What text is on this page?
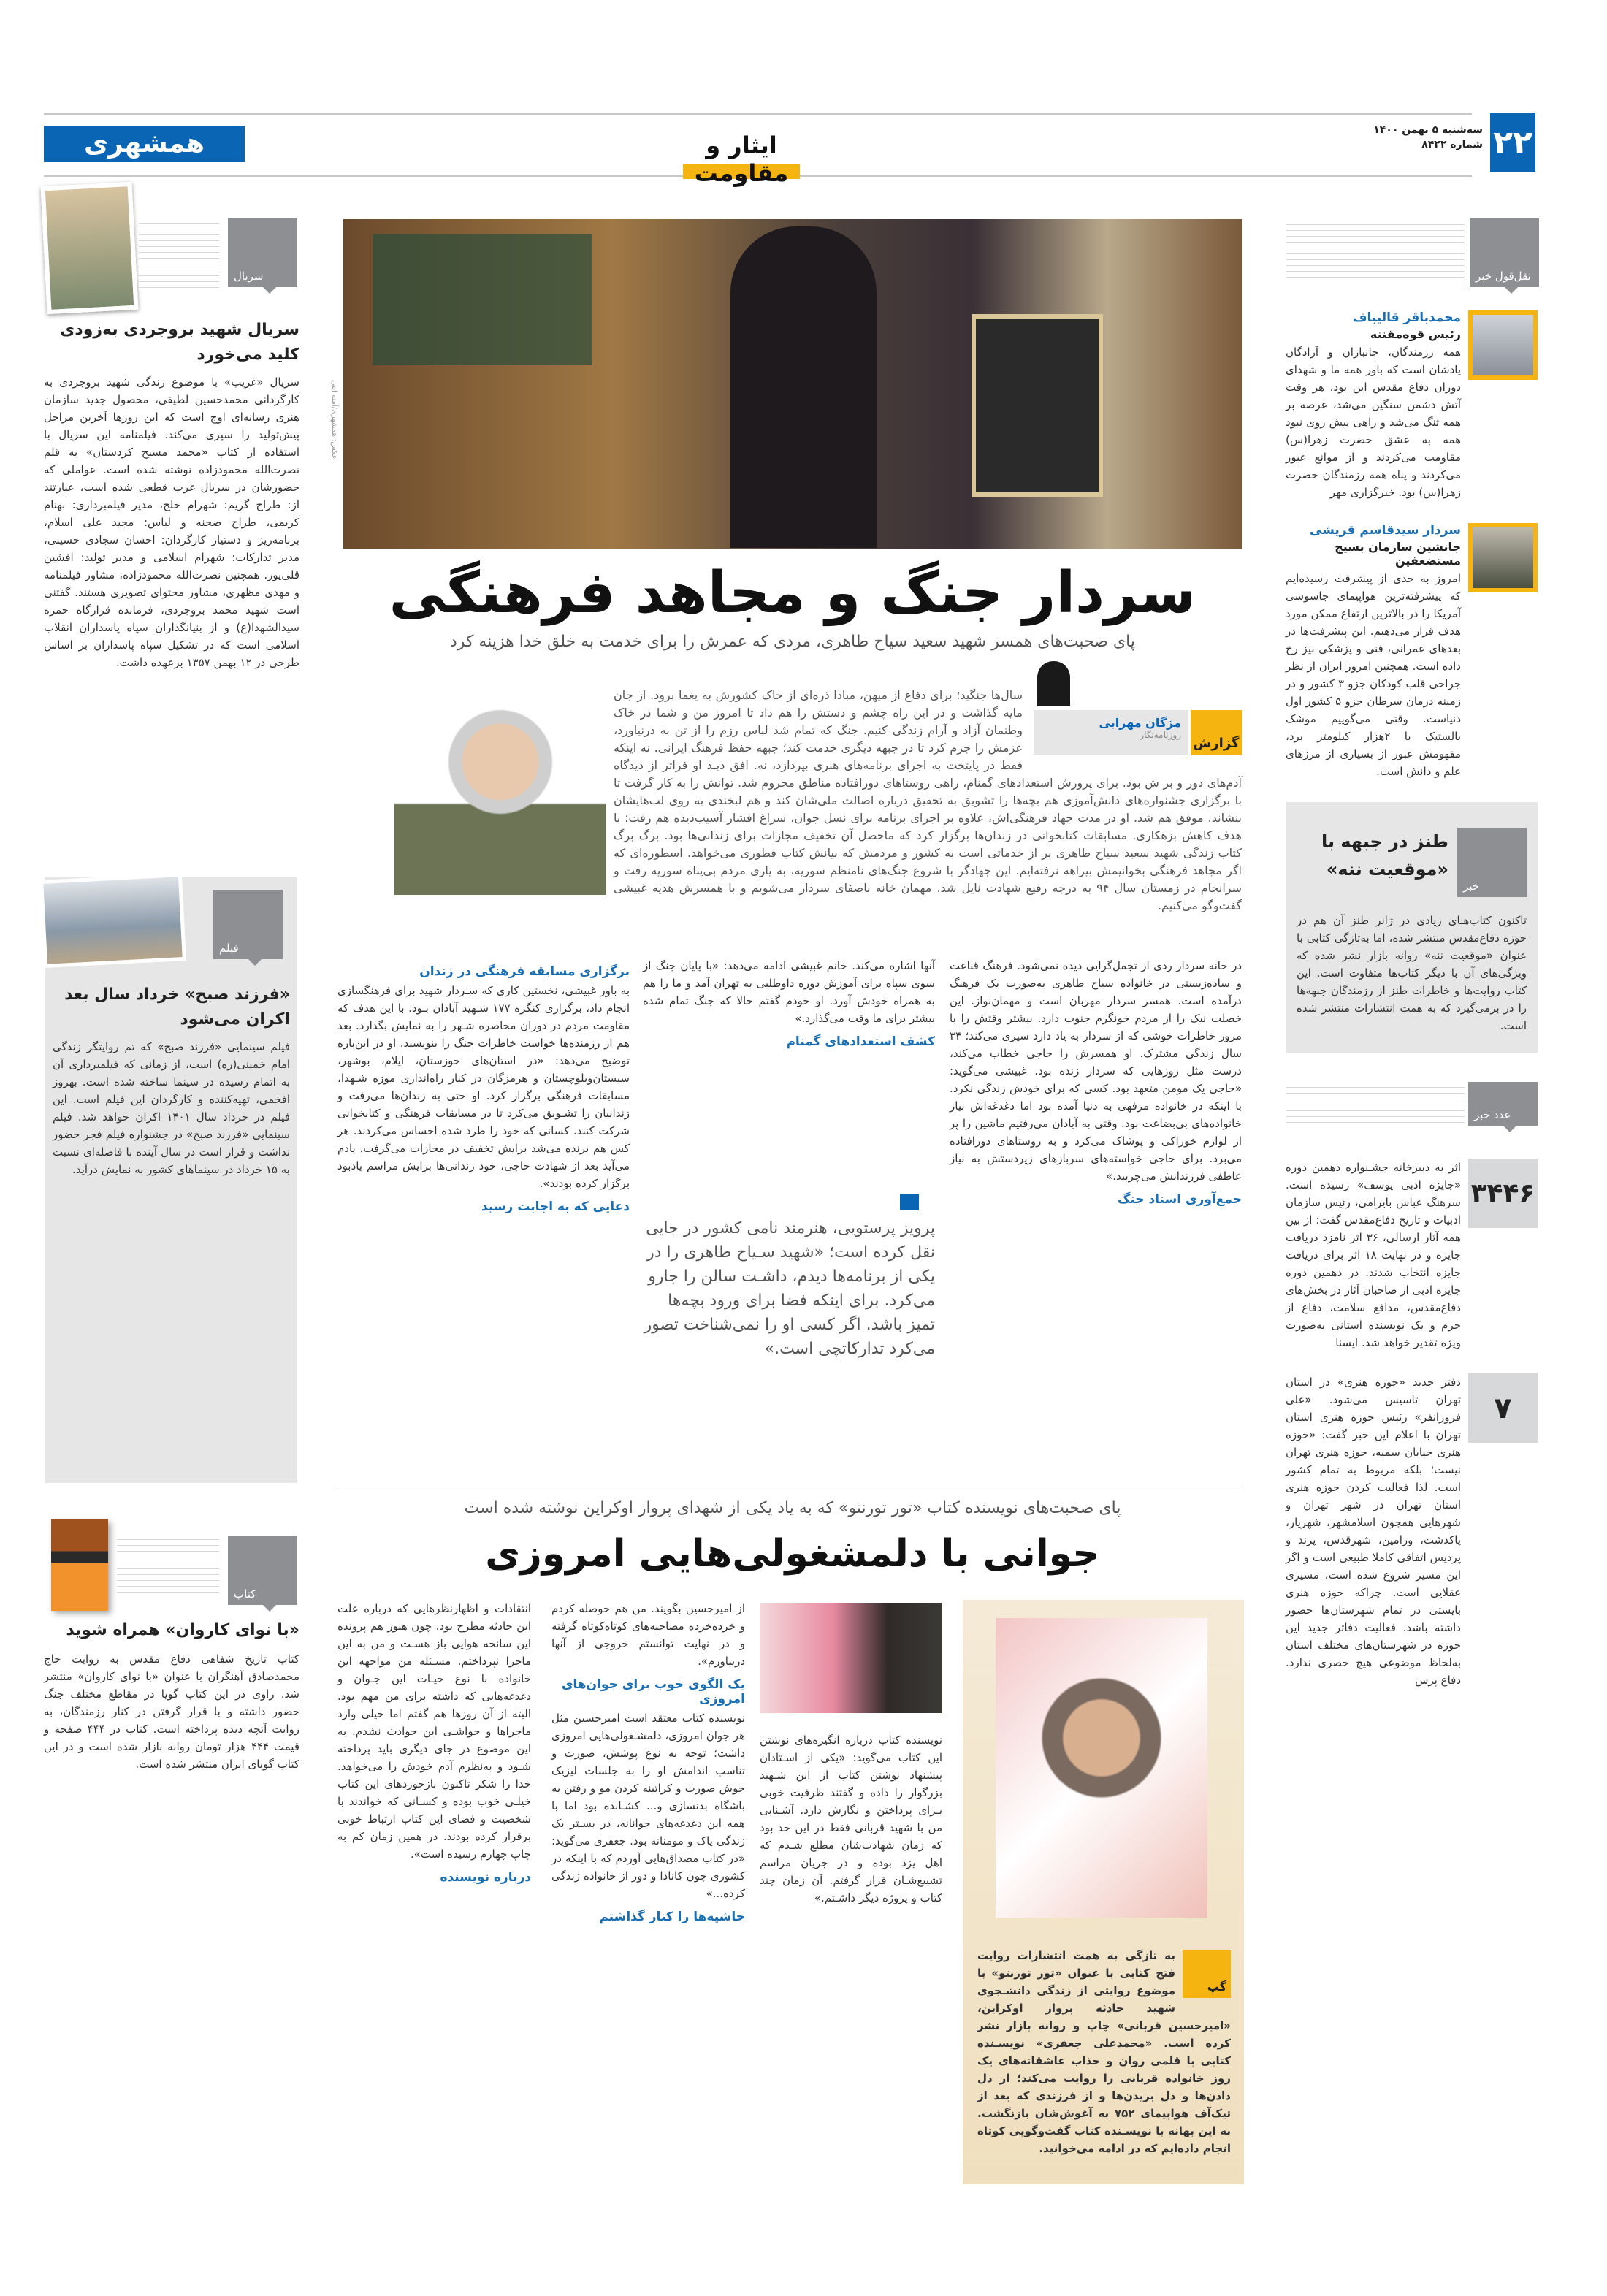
۲۲
سه‌شنبه ۵ بهمن ۱۴۰۰
شماره ۸۴۲۲
ایثار و مقاومت
همشهری
نقل‌قول خبر
محمدباقر قالیباف
رئیس قوه‌مقننه
همه رزمندگان، جانبازان و آزادگان یادشان است که باور همه ما و شهدای دوران دفاع مقدس این بود، هر وقت آتش دشمن سنگین می‌شد، عرصه بر همه تنگ می‌شد و راهی پیش روی نبود همه به عشق حضرت زهرا(س) مقاومت می‌کردند و از موانع عبور می‌کردند و پناه همه رزمندگان حضرت زهرا(س) بود. خبرگزاری مهر
سردار سیدقاسم قریشی
جانشین سازمان بسیج مستضعفین
امروز به حدی از پیشرفت رسیده‌ایم که پیشرفته‌ترین هواپیمای جاسوسی آمریکا را در بالاترین ارتفاع ممکن مورد هدف قرار می‌دهیم. این پیشرفت‌ها در بعدهای عمرانی، فنی و پزشکی نیز رخ داده است. همچنین امروز ایران از نظر جراحی قلب کودکان جزو ۳ کشور و در زمینه درمان سرطان جزو ۵ کشور اول دنیاست. وقتی می‌گوییم موشک بالستیک با ۲هزار کیلومتر برد، مفهومش عبور از بسیاری از مرزهای علم و دانش است.
خبر
طنز در جبهه با «موقعیت ننه»
تاکنون کتاب‌هـای زیادی در ژانر طنز آن هم در حوزه دفاع‌مقدس منتشر شده، اما به‌تازگی کتابی با عنوان «موقعیت ننه» روانه بازار نشر شده که ویژگی‌های آن با دیگر کتاب‌ها متفاوت است. این کتاب روایت‌ها و خاطرات طنز از رزمندگان جبهه‌ها را در برمی‌گیرد که به همت انتشارات منتشر شده است.
عدد خبر
۳۴۴۶
اثر به دبیرخانه جشـنواره دهمین دوره «جایزه ادبی یوسف» رسیده است. سرهنگ عباس بایرامی، رئیس سازمان ادبیات و تاریخ دفاع‌مقدس گفت: از بین همه آثار ارسالی، ۳۶ اثر نامزد دریافت جایزه و در نهایت ۱۸ اثر برای دریافت جایزه انتخاب شدند. در دهمین دوره جایزه ادبی از صاحبان آثار در بخش‌های دفاع‌مقدس، مدافع سلامت، دفاع از حرم و یک نویسنده استانی به‌صورت ویژه تقدیر خواهد شد. ایسنا
۷
دفتر جدید «حوزه هنری» در استان تهران تاسیس می‌شود. «علی فروزانفر» رئیس حوزه هنری استان تهران با اعلام این خبر گفت: «حوزه هنری خیابان سمیه، حوزه هنری تهران نیست؛ بلکه مربوط به تمام کشور است. لذا فعالیت کردن حوزه هنری استان تهران در شهر تهران و شهرهایی همچون اسلامشهر، شهریار، پاکدشت، ورامین، شهرقدس، پرند و پردیس اتفاقی کاملا طبیعی است و اگر این مسیر شروع شده است، مسیری عقلایی است. چراکه حوزه هنری بایستی در تمام شهرستان‌ها حضور داشته باشد. فعالیت دفاتر جدید این حوزه در شهرستان‌های مختلف استان به‌لحاظ موضوعی هیچ حصری ندارد. دفاع پرس
عکس: همشهری/آمنه ابنی
سردار جنگ و مجاهد فرهنگی
پای صحبت‌های همسر شهید سعید سیاح طاهری، مردی که عمرش را برای خدمت به خلق خدا هزینه کرد
گزارش
مژگان مهرابی
روزنامه‌نگار
سال‌ها جنگید؛ برای دفاع از میهن، مبادا ذره‌ای از خاک کشورش به یغما برود. از جان مایه گذاشت و در این راه چشم و دستش را هم داد تا امروز من و شما در خاک وطنمان آزاد و آرام زندگی کنیم. جنگ که تمام شد لباس رزم را از تن به درنیاورد، عزمش را جزم کرد تا در جبهه دیگری خدمت کند؛ جبهه حفظ فرهنگ ایرانی. نه اینکه فقط در پایتخت به اجرای برنامه‌های هنری بپردازد، نه. افق دیـد او فراتر از دیدگاه آدم‌های دور و بر ش بود. برای پرورش استعدادهای گمنام، راهی روستاهای دورافتاده مناطق محروم شد. توانش را به کار گرفت تا با برگزاری جشنواره‌های دانش‌آموزی هم بچه‌ها را تشویق به تحقیق درباره اصالت ملی‌شان کند و هم لبخندی به روی لب‌هایشان بنشاند. موفق هم شد. او در مدت جهاد فرهنگی‌اش، علاوه بر اجرای برنامه برای نسل جوان، سراغ اقشار آسیب‌دیده هم رفت؛ با هدف کاهش بزهکاری. مسابقات کتابخوانی در زندان‌ها برگزار کرد که ماحصل آن تخفیف مجازات برای زندانی‌ها بود. برگ برگ کتاب زندگی شهید سعید سیاح طاهری پر از خدماتی است به کشور و مردمش که بیانش کتاب قطوری می‌خواهد. اسطوره‌ای که اگر مجاهد فرهنگی بخوانیمش بیراهه نرفته‌ایم. این جهادگر با شروع جنگ‌های نامنظم سوریه، به یاری مردم بی‌پناه سوریه رفت و سرانجام در زمستان سال ۹۴ به درجه رفیع شهادت نایل شد. مهمان خانه باصفای سردار می‌شویم و با همسرش هدیه غبیشی گفت‌وگو می‌کنیم.
در خانه سردار ردی از تجمل‌گرایی دیده نمی‌شود. فرهنگ قناعت و ساده‌زیستی در خانواده سیاح طاهری به‌صورت یک فرهنگ درآمده است. همسر سردار مهربان است و مهمان‌نواز. این خصلت نیک را از مردم خونگرم جنوب دارد. بیشتر وقتش را با مرور خاطرات خوشی که از سردار به یاد دارد سپری می‌کند؛ ۳۴ سال زندگی مشترک. او همسرش را حاجی خطاب می‌کند، درست مثل روزهایی که سردار زنده بود. غبیشی می‌گوید: «حاجی یک مومن متعهد بود. کسی که برای خودش زندگی نکرد. با اینکه در خانواده مرفهی به دنیا آمده بود اما دغدغه‌اش نیاز خانواده‌های بی‌بضاعت بود. وقتی به آبادان می‌رفتیم ماشین را پر از لوازم خوراکی و پوشاک می‌کرد و به روستاهای دورافتاده می‌برد. برای حاجی خواسته‌های سربازهای زیردستش به نیاز عاطفی فرزندانش می‌چربید.»
جمع‌آوری اسناد جنگ
آنها اشاره می‌کند. خانم غبیشی ادامه می‌دهد: «با پایان جنگ از سوی سپاه برای آموزش دوره داوطلبی به تهران آمد و ما را هم به همراه خودش آورد. او خودم گفتم حالا که جنگ تمام شده بیشتر برای ما وقت می‌گذارد.»
کشف استعدادهای گمنام
پرویز پرستویی، هنرمند نامی کشور در جایی نقل کرده است؛ «شهید سـیاح طاهری را در یکی از برنامه‌ها دیدم، داشـت سالن را جارو می‌کرد. برای اینکه فضا برای ورود بچه‌ها تمیز باشد. اگر کسی او را نمی‌شناخت تصور می‌کرد تدارکاتچی است.»
برگزاری مسابقه فرهنگی در زندان
به باور غبیشی، نخستین کاری که سـردار شهید برای فرهنگسازی انجام داد، برگزاری کنگره ۱۷۷ شـهید آبادان بـود. با این هدف که مقاومت مردم در دوران محاصره شـهر را به نمایش بگذارد. بعد هم از رزمنده‌ها خواست خاطرات جنگ را بنویسند. او در این‌باره توضیح می‌دهد: «در استان‌های خوزستان، ایلام، بوشهر، سیستان‌وبلوچستان و هرمزگان در کنار راه‌اندازی موزه شـهدا، مسابقات فرهنگی برگزار کرد. او حتی به زندان‌ها می‌رفت و زندانیان را تشـویق می‌کرد تا در مسابقات فرهنگی و کتابخوانی شرکت کنند. کسانی که خود را طرد شده احساس می‌کردند. هر کس هم برنده می‌شد برایش تخفیف در مجازات می‌گرفت. یادم می‌آید بعد از شهادت حاجی، خود زندانی‌ها برایش مراسم یادبود برگزار کرده بودند».
دعایی که به اجابت رسید
پای صحبت‌های نویسنده کتاب «تور تورنتو» که به یاد یکی از شهدای پرواز اوکراین نوشته شده است
جوانی با دلمشغولی‌هایی امروزی
گپ
به تازگی به همت انتشارات روایت فتح کتابی با عنوان «تور تورنتو» با موضوع روایتی از زندگی دانشـجوی شهید حادثه پرواز اوکراین، «امیرحسین قربانی» چاپ و روانه بازار نشر کرده است. «محمدعلی جعفری» نویسـنده کتابی با قلمی روان و جذاب عاشقانه‌های یک روز خانواده قربانی را روایت می‌کند؛ از دل دادن‌ها و دل بریدن‌ها و از فرزندی که بعد از تیک‌آف هواپیمای ۷۵۲ به آغوش‌شان بازنگشت. به این بهانه با نویسـنده کتاب گفت‌وگویی کوتاه انجام داده‌ایم که در ادامه می‌خوانید.
نویسنده کتاب درباره انگیزه‌های نوشتن این کتاب می‌گوید: «یکی از اسـتادان پیشنهاد نوشتن کتاب از این شـهید بزرگوار را داده و گفتند ظرفیت خوبی بـرای پرداختن و نگارش دارد. آشـنایی من با شهید قربانی فقط در این حد بود که زمان شهادت‌شان مطلع شـدم که اهل یزد بوده و در جریان مراسم تشییع‌شـان قرار گرفتم. آن زمان چند کتاب و پروژه دیگر داشـتم.»
از امیرحسین بگویند. من هم حوصله کردم و خرده‌خرده مصاحبه‌های کوتاه‌کوتاه گرفته و در نهایت توانستم خروجی از آنها دربیاورم».
یک الگوی خوب برای جوان‌های امروزی
نویسنده کتاب معتقد است امیرحسین مثل هر جوان امروزی، دلمشـغولی‌هایی امروزی داشت؛ توجه به نوع پوشش، صورت و تناسب اندامش او را به جلسات لیزیک جوش صورت و کراتینه کردن مو و رفتن به باشگاه بدنسازی و... کشـانده بود اما با همه این دغدغه‌های جوانانه، در بسـتر یک زندگی پاک و مومنانه بود. جعفری می‌گوید: «در کتاب مصداق‌هایی آوردم که با اینکه در کشوری چون کانادا و دور از خانواده زندگی کرده...»
حاشیه‌ها را کنار گذاشتم
انتقادات و اظهارنظرهایی که درباره علت این حادثه مطرح بود. چون هنوز هم پرونده این سانحه هوایی باز هسـت و من به این ماجرا نپرداختم. مسـئله من مواجهه این خانواده با نوع حیـات این جـوان و دغدغه‌هایی که داشته برای من مهم بود. البته از آن روزها هم گفتم اما خیلی وارد ماجراها و حواشـی این حوادث نشدم. به این موضوع در جای دیگری باید پرداخته شـود و به‌نظرم آدم خودش را می‌خواهد. خدا را شکر تاکنون بازخوردهای این کتاب خیلـی خوب بوده و کسـانی که خواندند با شخصیت و فضای این کتاب ارتباط خوبی برقرار کرده بودند. در همین زمان کم به چاپ چهارم رسیده است».
درباره نویسنده
سریال
سریال شهید بروجردی به‌زودی کلید می‌خورد
سریال «غریب» با موضوع زندگی شهید بروجردی به کارگردانی محمدحسین لطیفی، محصول جدید سازمان هنری رسانه‌ای اوج است که این روزها آخرین مراحل پیش‌تولید را سپری می‌کند. فیلمنامه این سریال با استفاده از کتاب «محمد مسیح کردستان» به قلم نصرت‌الله محمودزاده نوشته شده است. عواملی که حضورشان در سریال غرب قطعی شده است، عبارتند از: طراح گریم: شهرام خلج، مدیر فیلمبرداری: بهنام کریمی، طراح صحنه و لباس: مجید علی اسلام، برنامه‌ریز و دستیار کارگردان: احسان سجادی حسینی، مدیر تدارکات: شهرام اسلامی و مدیر تولید: افشین قلی‌پور. همچنین نصرت‌الله محمودزاده، مشاور فیلمنامه و مهدی مظهری، مشاور محتوای تصویری هستند. گفتنی است شهید محمد بروجردی، فرمانده قرارگاه حمزه سیدالشهدا(ع) و از بنیانگذاران سپاه پاسداران انقلاب اسلامی است که در تشکیل سپاه پاسداران بر اساس طرحی در ۱۲ بهمن ۱۳۵۷ برعهده داشت.
فیلم
«فرزند صبح» خرداد سال بعد اکران می‌شود
فیلم سینمایی «فرزند صبح» که تم روایتگر زندگی امام خمینی(ره) است، از زمانی که فیلمبرداری آن به اتمام رسیده در سینما ساخته شده است. بهروز افخمی، تهیه‌کننده و کارگردان این فیلم است. این فیلم در خرداد سال ۱۴۰۱ اکران خواهد شد. فیلم سینمایی «فرزند صبح» در جشنواره فیلم فجر حضور نداشت و قرار است در سال آینده با فاصله‌ای نسبت به ۱۵ خرداد در سینماهای کشور به نمایش درآید.
کتاب
«با نوای کاروان» همراه شوید
کتاب تاریخ شفاهی دفاع مقدس به روایت حاج محمدصادق آهنگران با عنوان «با نوای کاروان» منتشر شد. راوی در این کتاب گویا در مقاطع مختلف جنگ حضور داشته و با قرار گرفتن در کنار رزمندگان، به روایت آنچه دیده پرداخته است. کتاب در ۴۴۴ صفحه و قیمت ۴۴۴ هزار تومان روانه بازار شده است و در این کتاب گویای ایران منتشر شده است.
